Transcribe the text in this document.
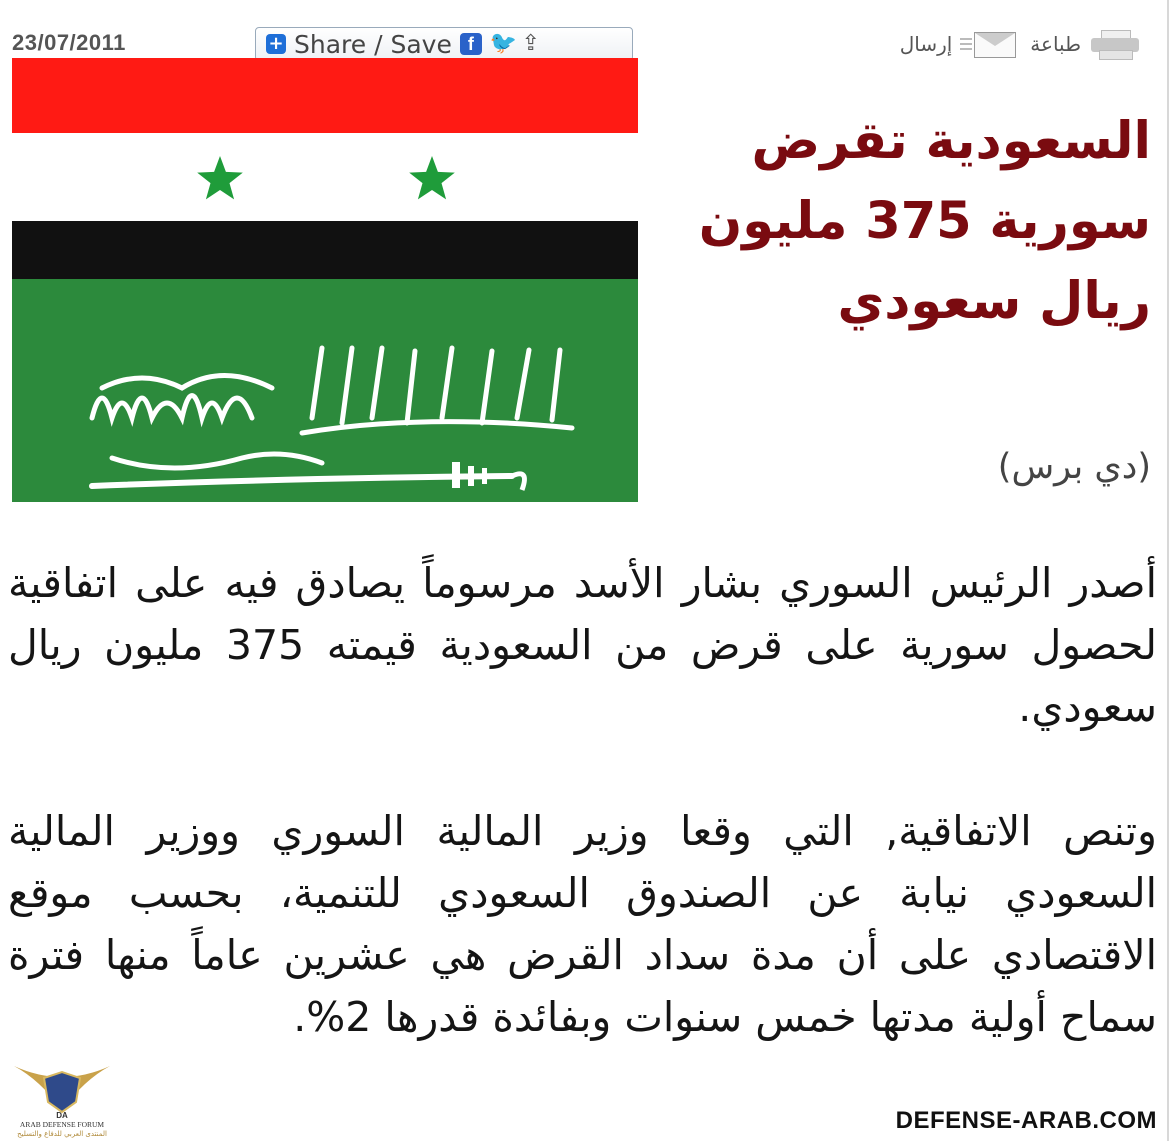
23/07/2011	+ Share / Save f 🐦 ⇪	طباعة
إرسال
السعودية تقرض
سورية 375 مليون
ريال سعودي
(دي برس)

أصدر الرئيس السوري بشار الأسد مرسوماً يصادق فيه على اتفاقية لحصول سورية على قرض من السعودية قيمته 375 مليون ريال سعودي.

وتنص الاتفاقية, التي وقعا وزير المالية السوري ووزير المالية السعودي نيابة عن الصندوق السعودي للتنمية، بحسب موقع الاقتصادي على أن مدة سداد القرض هي عشرين عاماً منها فترة سماح أولية مدتها خمس سنوات وبفائدة قدرها 2%.

DA
ARAB DEFENSE FORUM
المنتدى العربي للدفاع والتسليح	DEFENSE-ARAB.COM
